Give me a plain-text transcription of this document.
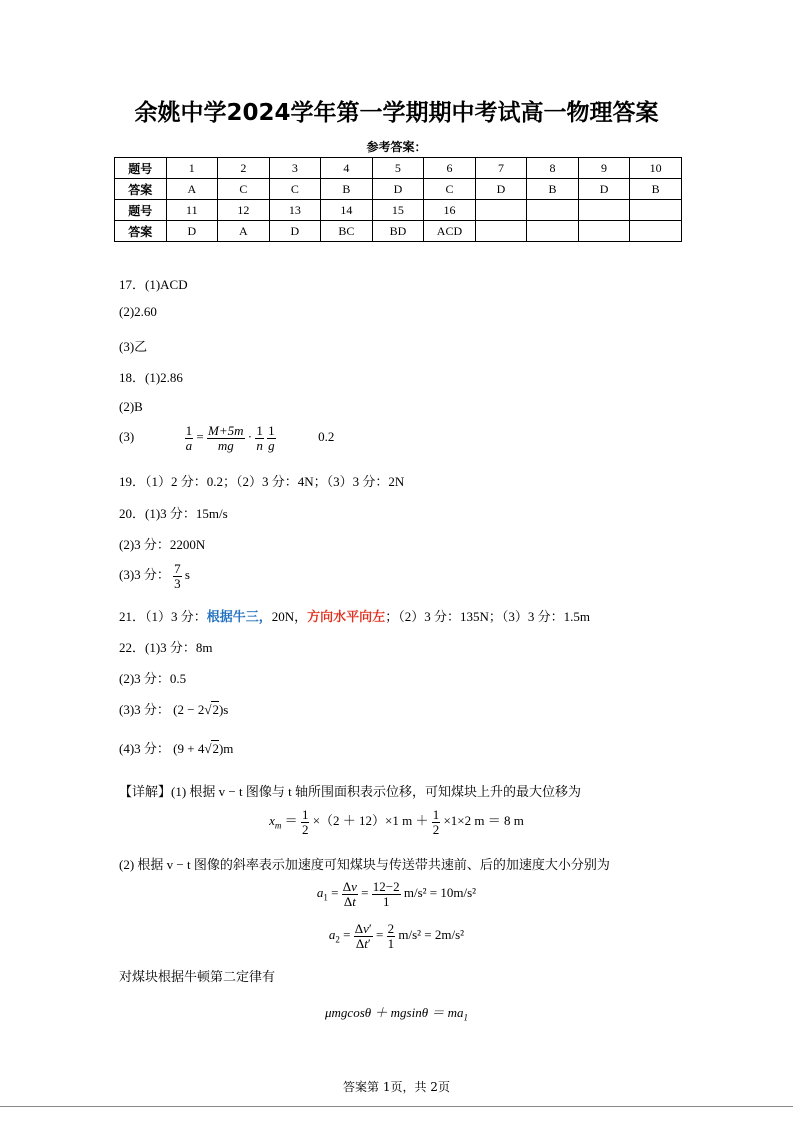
余姚中学2024学年第一学期期中考试高一物理答案
参考答案：
题号	1	2	3	4	5	6	7	8	9	10
答案	A	C	C	B	D	C	D	B	D	B
题号	11	12	13	14	15	16				
答案	D	A	D	BC	BD	ACD				
17．(1)ACD
(2)2.60
(3)乙
18．(1)2.86
(2)B
(3)	$\frac{1}{a} = \frac{M+5m}{mg} \cdot \frac{1}{n}$
$\frac{1}{g}$	0.2
19．（1）2 分：0.2；（2）3 分：4N；（3）3 分：2N
20．(1)3 分：15m/s
(2)3 分：2200N
(3)3 分： $\frac{7}{3}$ s
21．（1）3 分：根据牛三，20N，方向水平向左；（2）3 分：135N；（3）3 分：1.5m
22．(1)3 分：8m
(2)3 分：0.5
(3)3 分： (2 − 2√2)s
(4)3 分： (9 + 4√2)m
【详解】(1) 根据 v − t 图像与 t 轴所围面积表示位移，可知煤块上升的最大位移为
$x_m = \frac{1}{2} \times(2 + 12)\times 1$ $m + \frac{1}{2} \times 1\times 2$ m ＝ 8 m
(2) 根据 v − t 图像的斜率表示加速度可知煤块与传送带共速前、后的加速度大小分别为
$a_1 = \frac{\Delta v}{\Delta t} = \frac{12-2}{1} m/s^2 = 10m/s^2$
$a_2 = \frac{\Delta v'}{\Delta t'} = \frac{2}{1} m/s^2 = 2m/s^2$
对煤块根据牛顿第二定律有
$\mu mgcos\theta + mgsin\theta = ma_1$
答案第 1页，共 2页
